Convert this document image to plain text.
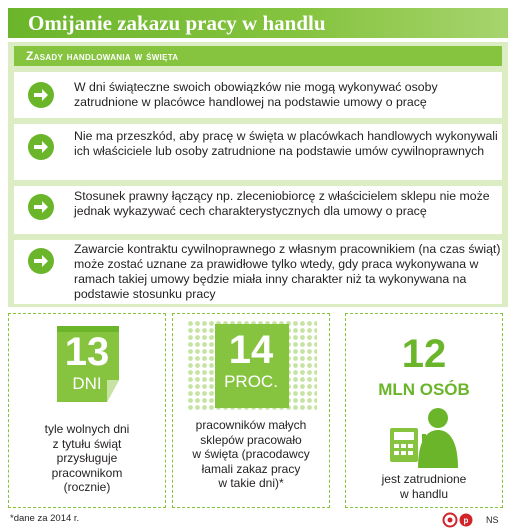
Omijanie zakazu pracy w handlu
Zasady handlowania w święta
W dni świąteczne swoich obowiązków nie mogą wykonywać osoby zatrudnione w placówce handlowej na podstawie umowy o pracę
Nie ma przeszkód, aby pracę w święta w placówkach handlowych wykonywali ich właściciele lub osoby zatrudnione na podstawie umów cywilnoprawnych
Stosunek prawny łączący np. zleceniobiorcę z właścicielem sklepu nie może jednak wykazywać cech charakterystycznych dla umowy o pracę
Zawarcie kontraktu cywilnoprawnego z własnym pracownikiem (na czas świąt) może zostać uznane za prawidłowe tylko wtedy, gdy praca wykonywana w ramach takiej umowy będzie miała inny charakter niż ta wykonywana na podstawie stosunku pracy
13
DNI
tyle wolnych dni
z tytułu świąt
przysługuje
pracownikom
(rocznie)
14
PROC.
pracowników małych
sklepów pracowało
w święta (pracodawcy
łamali zakaz pracy
w takie dni)*
12
MLN OSÓB
jest zatrudnione
w handlu
*dane za 2014 r.	p NS
